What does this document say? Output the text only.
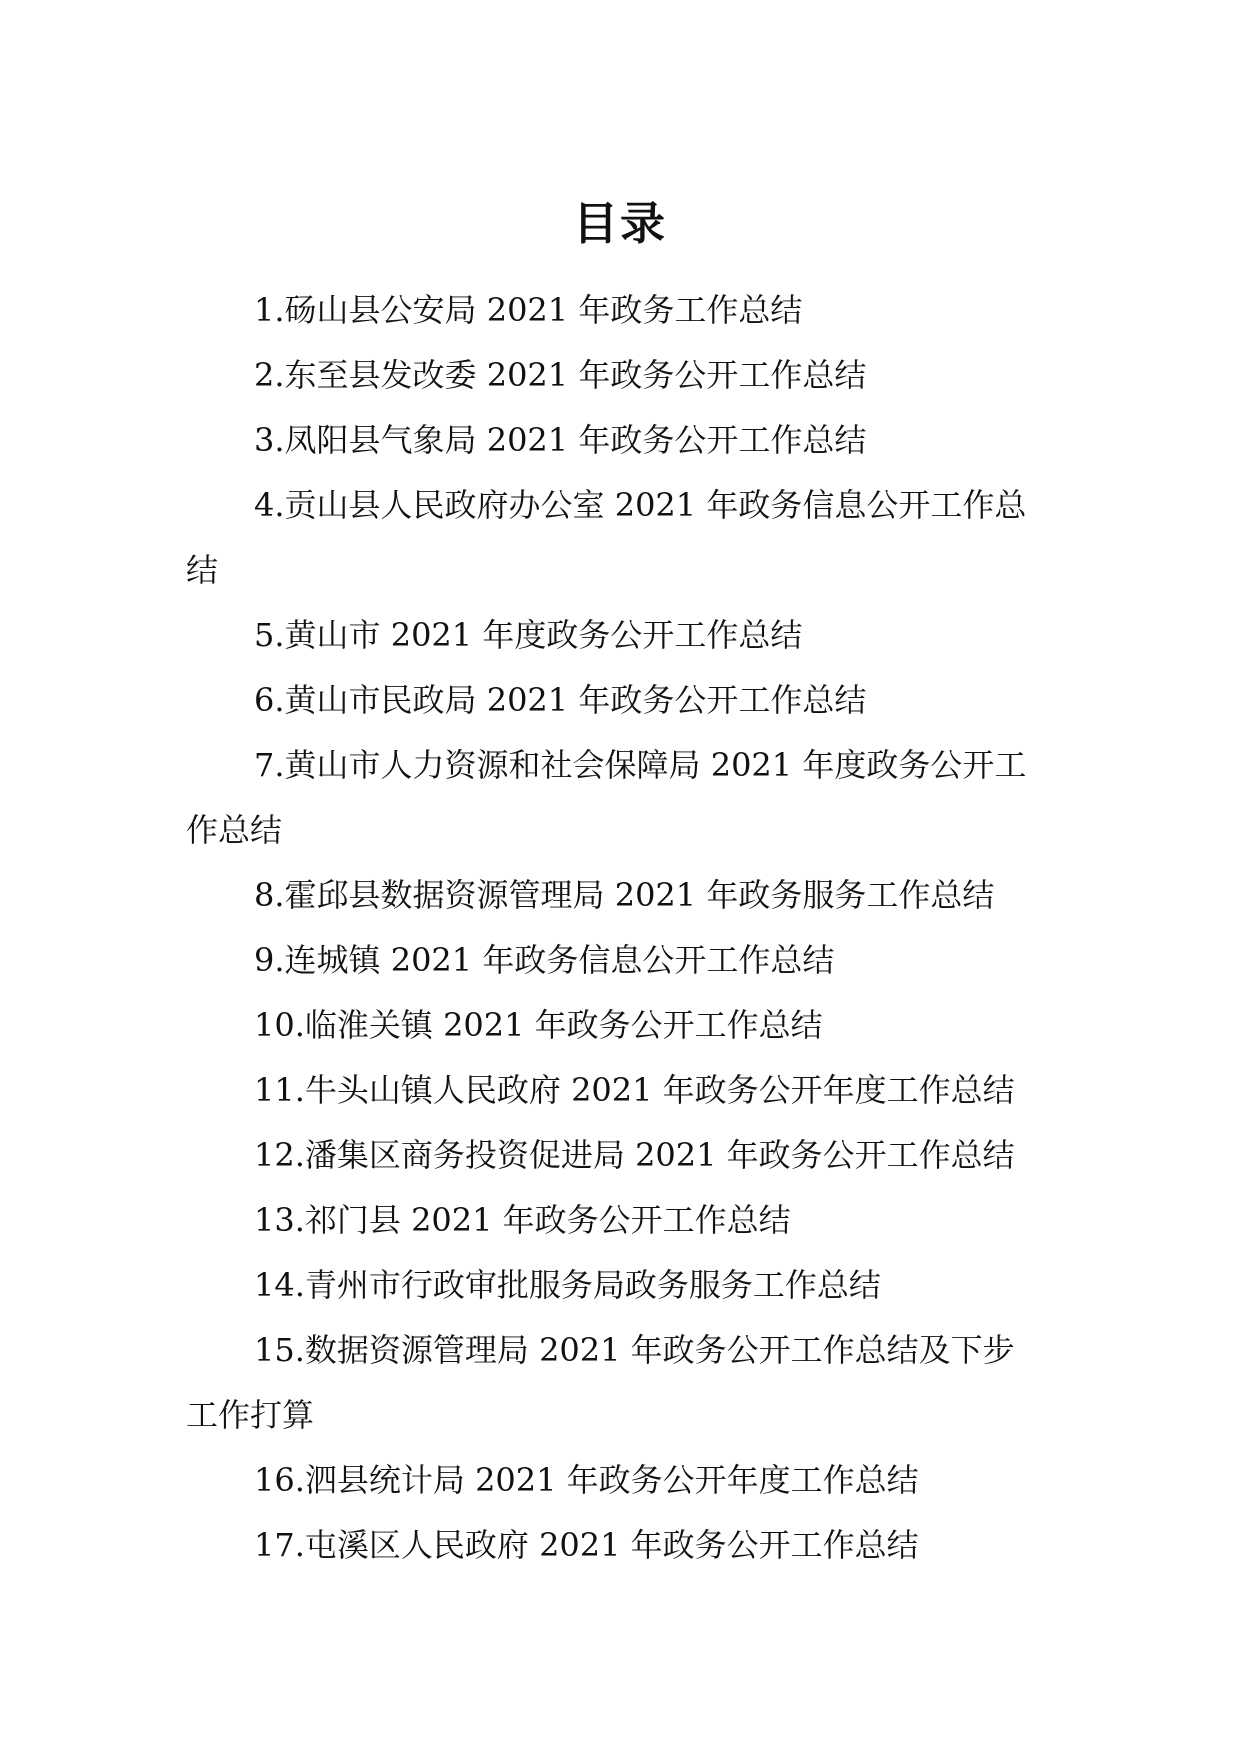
目录
1.砀山县公安局 2021 年政务工作总结
2.东至县发改委 2021 年政务公开工作总结
3.凤阳县气象局 2021 年政务公开工作总结
4.贡山县人民政府办公室 2021 年政务信息公开工作总结
5.黄山市 2021 年度政务公开工作总结
6.黄山市民政局 2021 年政务公开工作总结
7.黄山市人力资源和社会保障局 2021 年度政务公开工作总结
8.霍邱县数据资源管理局 2021 年政务服务工作总结
9.连城镇 2021 年政务信息公开工作总结
10.临淮关镇 2021 年政务公开工作总结
11.牛头山镇人民政府 2021 年政务公开年度工作总结
12.潘集区商务投资促进局 2021 年政务公开工作总结
13.祁门县 2021 年政务公开工作总结
14.青州市行政审批服务局政务服务工作总结
15.数据资源管理局 2021 年政务公开工作总结及下步工作打算
16.泗县统计局 2021 年政务公开年度工作总结
17.屯溪区人民政府 2021 年政务公开工作总结
